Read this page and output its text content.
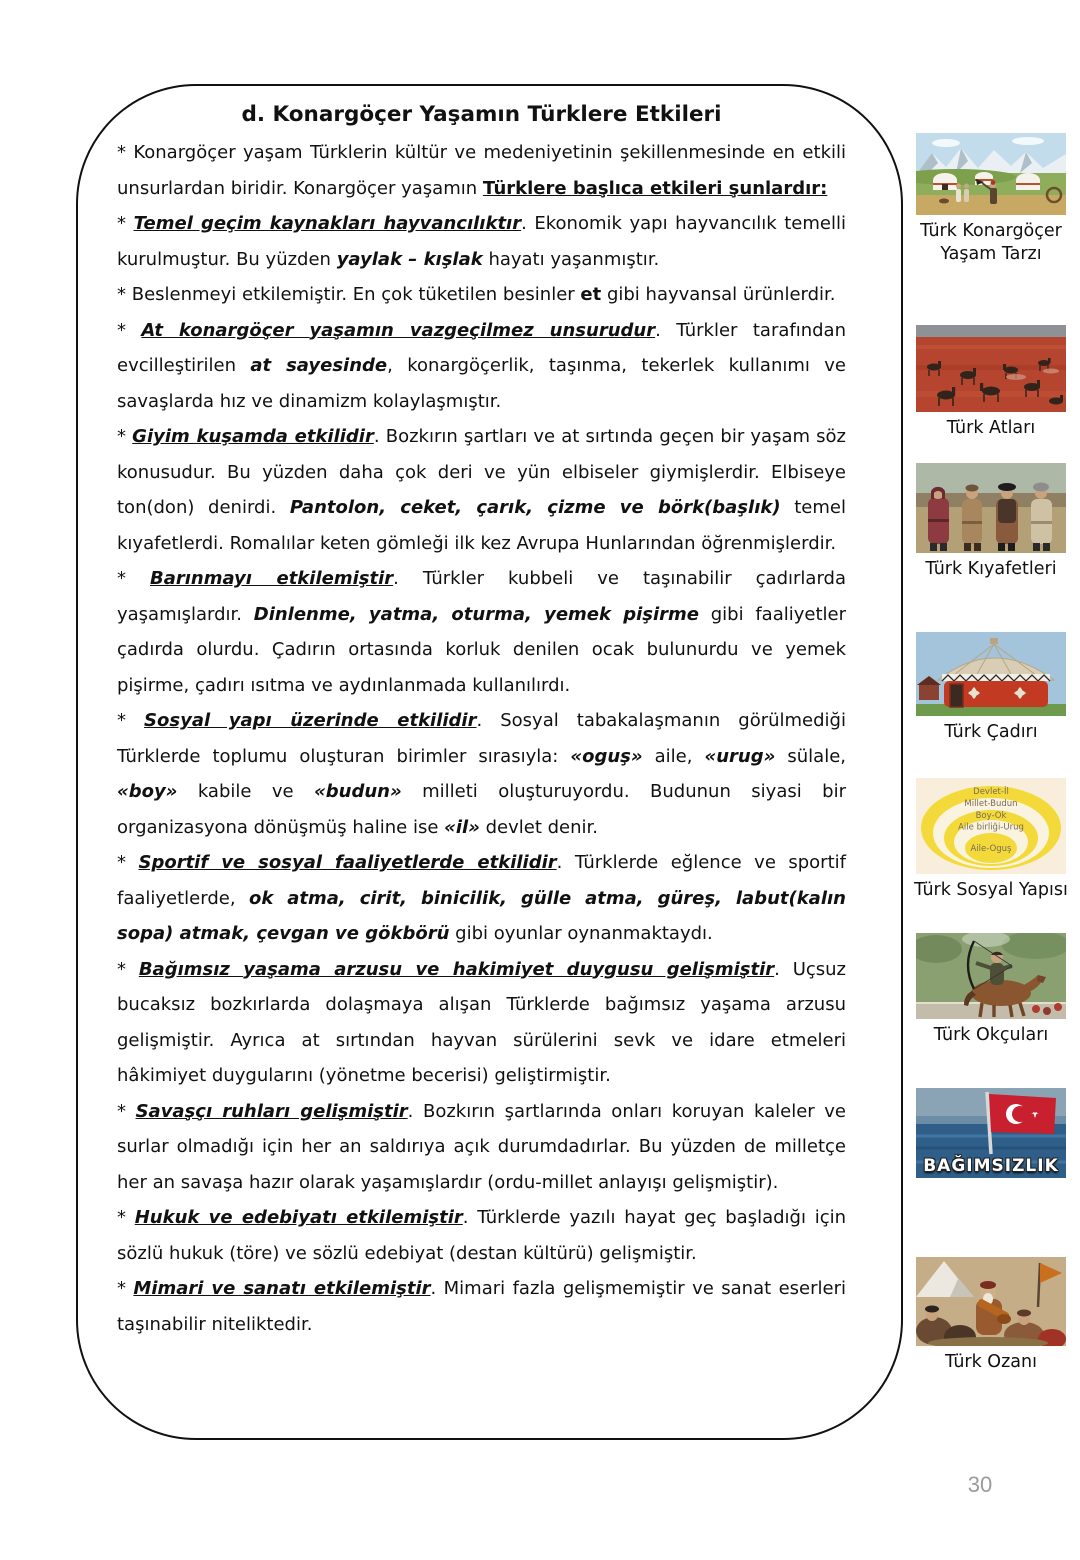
d. Konargöçer Yaşamın Türklere Etkileri

* Konargöçer yaşam Türklerin kültür ve medeniyetinin şekillenmesinde en etkili unsurlardan biridir. Konargöçer yaşamın Türklere başlıca etkileri şunlardır:

* Temel geçim kaynakları hayvancılıktır. Ekonomik yapı hayvancılık temelli kurulmuştur. Bu yüzden yaylak – kışlak hayatı yaşanmıştır.

* Beslenmeyi etkilemiştir. En çok tüketilen besinler et gibi hayvansal ürünlerdir.

* At konargöçer yaşamın vazgeçilmez unsurudur. Türkler tarafından evcilleştirilen at sayesinde, konargöçerlik, taşınma, tekerlek kullanımı ve savaşlarda hız ve dinamizm kolaylaşmıştır.

* Giyim kuşamda etkilidir. Bozkırın şartları ve at sırtında geçen bir yaşam söz konusudur. Bu yüzden daha çok deri ve yün elbiseler giymişlerdir. Elbiseye ton(don) denirdi. Pantolon, ceket, çarık, çizme ve börk(başlık) temel kıyafetlerdi. Romalılar keten gömleği ilk kez Avrupa Hunlarından öğrenmişlerdir.

* Barınmayı etkilemiştir. Türkler kubbeli ve taşınabilir çadırlarda yaşamışlardır. Dinlenme, yatma, oturma, yemek pişirme gibi faaliyetler çadırda olurdu. Çadırın ortasında korluk denilen ocak bulunurdu ve yemek pişirme, çadırı ısıtma ve aydınlanmada kullanılırdı.

* Sosyal yapı üzerinde etkilidir. Sosyal tabakalaşmanın görülmediği Türklerde toplumu oluşturan birimler sırasıyla: «oguş» aile, «urug» sülale, «boy» kabile ve «budun» milleti oluşturuyordu. Budunun siyasi bir organizasyona dönüşmüş haline ise «il» devlet denir.

* Sportif ve sosyal faaliyetlerde etkilidir. Türklerde eğlence ve sportif faaliyetlerde, ok atma, cirit, binicilik, gülle atma, güreş, labut(kalın sopa) atmak, çevgan ve gökbörü gibi oyunlar oynanmaktaydı.

* Bağımsız yaşama arzusu ve hakimiyet duygusu gelişmiştir. Uçsuz bucaksız bozkırlarda dolaşmaya alışan Türklerde bağımsız yaşama arzusu gelişmiştir. Ayrıca at sırtından hayvan sürülerini sevk ve idare etmeleri hâkimiyet duygularını (yönetme becerisi) geliştirmiştir.

* Savaşçı ruhları gelişmiştir. Bozkırın şartlarında onları koruyan kaleler ve surlar olmadığı için her an saldırıya açık durumdadırlar. Bu yüzden de milletçe her an savaşa hazır olarak yaşamışlardır (ordu-millet anlayışı gelişmiştir).

* Hukuk ve edebiyatı etkilemiştir. Türklerde yazılı hayat geç başladığı için sözlü hukuk (töre) ve sözlü edebiyat (destan kültürü) gelişmiştir.

* Mimari ve sanatı etkilemiştir. Mimari fazla gelişmemiştir ve sanat eserleri taşınabilir niteliktedir.

Türk Konargöçer Yaşam Tarzı
Türk Atları
Türk Kıyafetleri
Türk Çadırı
Devlet-İl
Millet-Budun
Boy-Ok
Aile birliği-Urug
Aile-Oguş
Türk Sosyal Yapısı
Türk Okçuları
BAĞIMSIZLIK
Türk Ozanı
30
